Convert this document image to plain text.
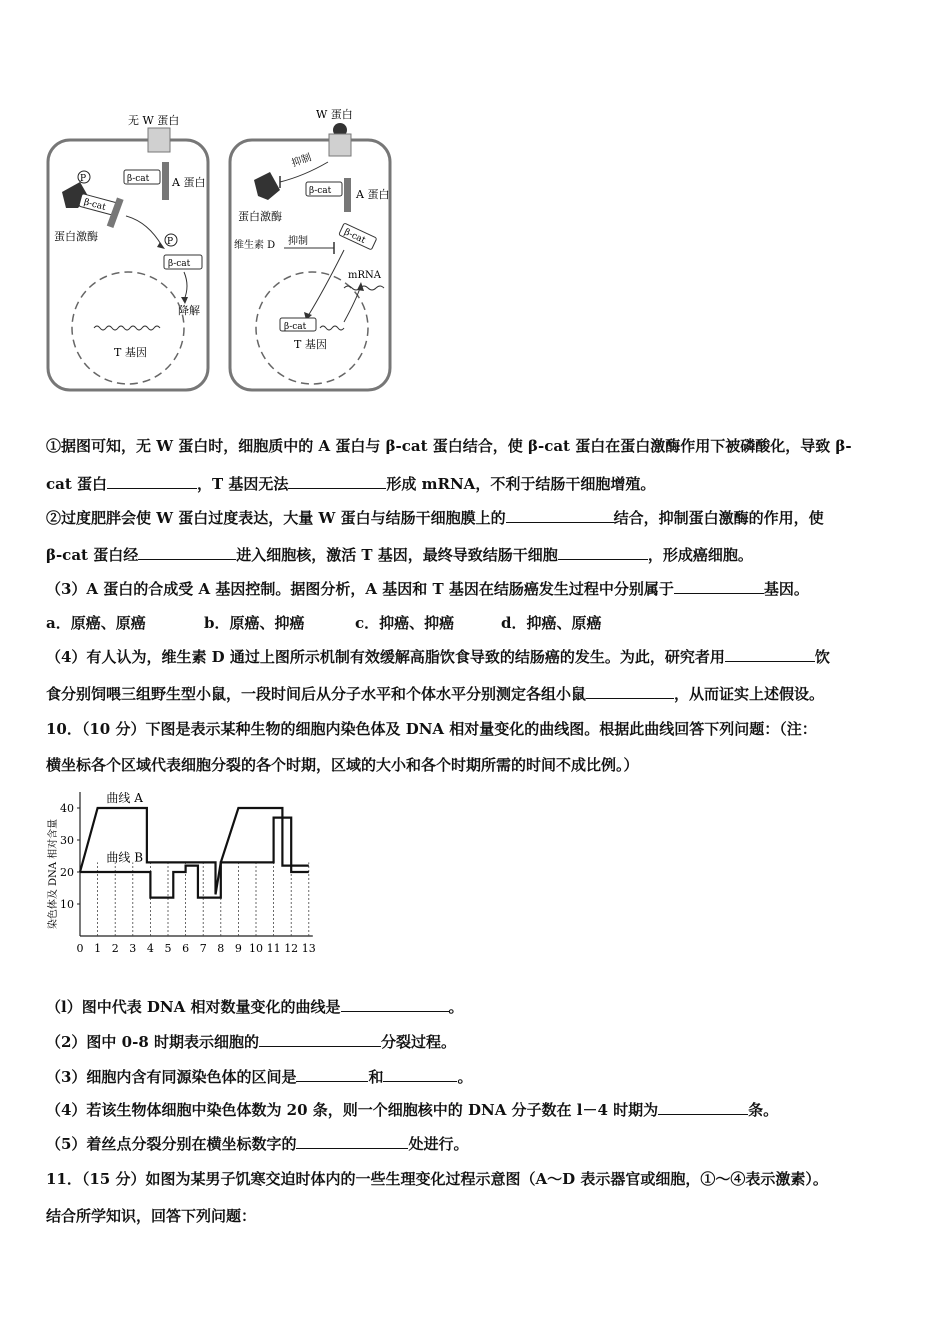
无 W 蛋白
P
蛋白激酶
β-cat A 蛋白
β-cat
P
β-cat
降解
T 基因
W 蛋白
抑制
蛋白激酶
β-cat A 蛋白
维生素 D 抑制	β-cat
β-cat
mRNA
T 基因
①据图可知，无 W 蛋白时，细胞质中的 A 蛋白与 β-cat 蛋白结合，使 β-cat 蛋白在蛋白激酶作用下被磷酸化，导致 β-
cat 蛋白	，T 基因无法	形成 mRNA，不利于结肠干细胞增殖。
②过度肥胖会使 W 蛋白过度表达，大量 W 蛋白与结肠干细胞膜上的	结合，抑制蛋白激酶的作用，使
β-cat 蛋白经	进入细胞核，激活 T 基因，最终导致结肠干细胞	，形成癌细胞。
（3）A 蛋白的合成受 A 基因控制。据图分析，A 基因和 T 基因在结肠癌发生过程中分别属于	基因。
a．原癌、原癌	b．原癌、抑癌	c．抑癌、抑癌	d．抑癌、原癌
（4）有人认为，维生素 D 通过上图所示机制有效缓解高脂饮食导致的结肠癌的发生。为此，研究者用	饮
食分别饲喂三组野生型小鼠，一段时间后从分子水平和个体水平分别测定各组小鼠	，从而证实上述假设。
10．（10 分）下图是表示某种生物的细胞内染色体及 DNA 相对量变化的曲线图。根据此曲线回答下列问题：（注：
横坐标各个区域代表细胞分裂的各个时期，区域的大小和各个时期所需的时间不成比例。）
染色体及 DNA 相对含量 10
20
30
40
0 1 2 3 4 5 6 7 8 9 10 11 12 13
曲线 A
曲线 B
（l）图中代表 DNA 相对数量变化的曲线是	。
（2）图中 0-8 时期表示细胞的	分裂过程。
（3）细胞内含有同源染色体的区间是	和	。
（4）若该生物体细胞中染色体数为 20 条，则一个细胞核中的 DNA 分子数在 l－4 时期为	条。
（5）着丝点分裂分别在横坐标数字的	处进行。
11．（15 分）如图为某男子饥寒交迫时体内的一些生理变化过程示意图（A～D 表示器官或细胞，①～④表示激素）。
结合所学知识，回答下列问题：
